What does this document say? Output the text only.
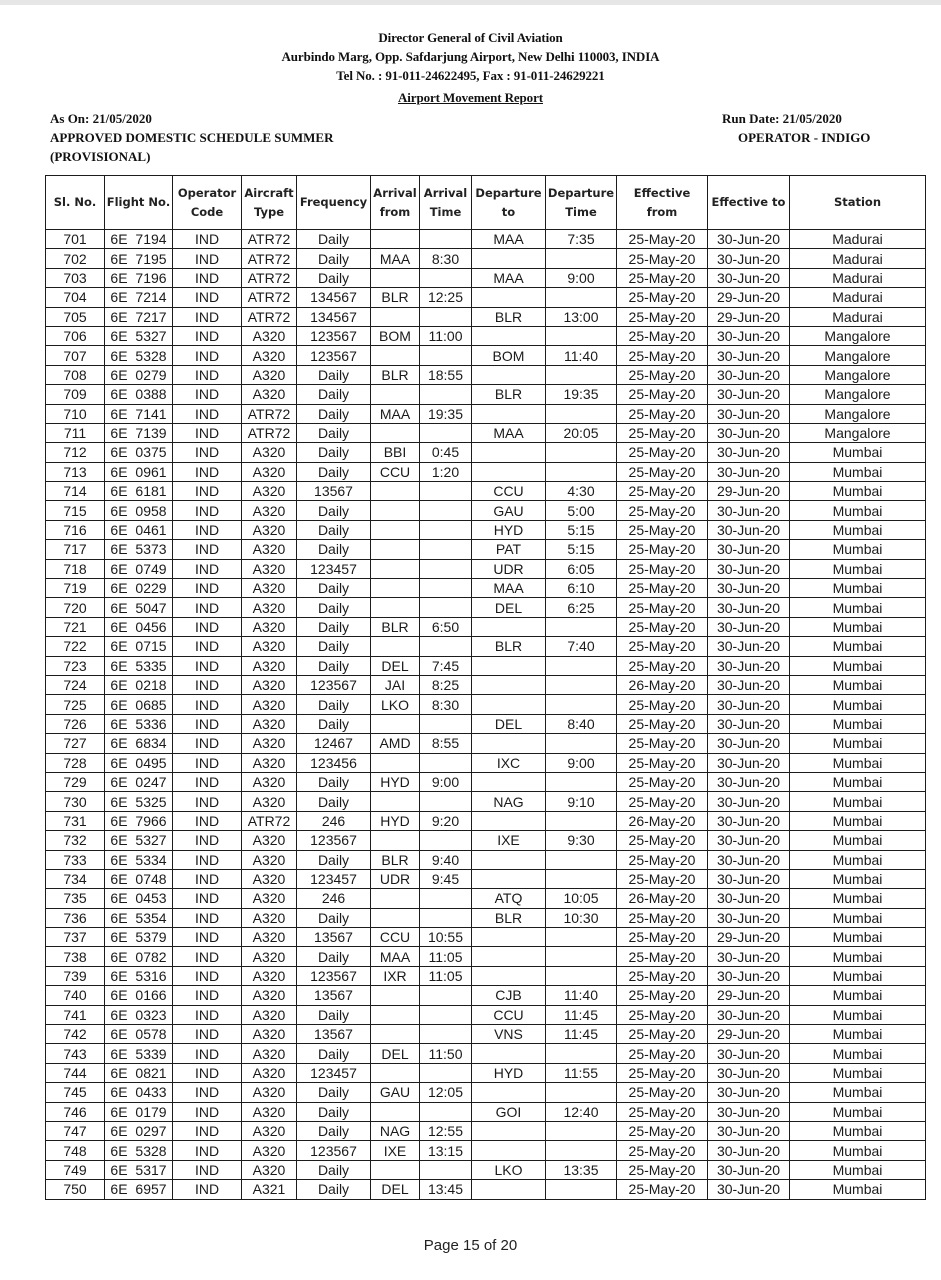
Director General of Civil Aviation
Aurbindo Marg, Opp. Safdarjung Airport, New Delhi 110003, INDIA
Tel No. : 91-011-24622495, Fax : 91-011-24629221
Airport Movement Report
As On: 21/05/2020
APPROVED DOMESTIC SCHEDULE SUMMER
(PROVISIONAL)
Run Date: 21/05/2020
OPERATOR - INDIGO
Sl. No.	Flight No.	Operator Code	Aircraft Type	Frequency	Arrival from	Arrival Time	Departure to	Departure Time	Effective from	Effective to	Station
701	6E 7194	IND	ATR72	Daily			MAA	7:35	25-May-20	30-Jun-20	Madurai
702	6E 7195	IND	ATR72	Daily	MAA	8:30			25-May-20	30-Jun-20	Madurai
703	6E 7196	IND	ATR72	Daily			MAA	9:00	25-May-20	30-Jun-20	Madurai
704	6E 7214	IND	ATR72	134567	BLR	12:25			25-May-20	29-Jun-20	Madurai
705	6E 7217	IND	ATR72	134567			BLR	13:00	25-May-20	29-Jun-20	Madurai
706	6E 5327	IND	A320	123567	BOM	11:00			25-May-20	30-Jun-20	Mangalore
707	6E 5328	IND	A320	123567			BOM	11:40	25-May-20	30-Jun-20	Mangalore
708	6E 0279	IND	A320	Daily	BLR	18:55			25-May-20	30-Jun-20	Mangalore
709	6E 0388	IND	A320	Daily			BLR	19:35	25-May-20	30-Jun-20	Mangalore
710	6E 7141	IND	ATR72	Daily	MAA	19:35			25-May-20	30-Jun-20	Mangalore
711	6E 7139	IND	ATR72	Daily			MAA	20:05	25-May-20	30-Jun-20	Mangalore
712	6E 0375	IND	A320	Daily	BBI	0:45			25-May-20	30-Jun-20	Mumbai
713	6E 0961	IND	A320	Daily	CCU	1:20			25-May-20	30-Jun-20	Mumbai
714	6E 6181	IND	A320	13567			CCU	4:30	25-May-20	29-Jun-20	Mumbai
715	6E 0958	IND	A320	Daily			GAU	5:00	25-May-20	30-Jun-20	Mumbai
716	6E 0461	IND	A320	Daily			HYD	5:15	25-May-20	30-Jun-20	Mumbai
717	6E 5373	IND	A320	Daily			PAT	5:15	25-May-20	30-Jun-20	Mumbai
718	6E 0749	IND	A320	123457			UDR	6:05	25-May-20	30-Jun-20	Mumbai
719	6E 0229	IND	A320	Daily			MAA	6:10	25-May-20	30-Jun-20	Mumbai
720	6E 5047	IND	A320	Daily			DEL	6:25	25-May-20	30-Jun-20	Mumbai
721	6E 0456	IND	A320	Daily	BLR	6:50			25-May-20	30-Jun-20	Mumbai
722	6E 0715	IND	A320	Daily			BLR	7:40	25-May-20	30-Jun-20	Mumbai
723	6E 5335	IND	A320	Daily	DEL	7:45			25-May-20	30-Jun-20	Mumbai
724	6E 0218	IND	A320	123567	JAI	8:25			26-May-20	30-Jun-20	Mumbai
725	6E 0685	IND	A320	Daily	LKO	8:30			25-May-20	30-Jun-20	Mumbai
726	6E 5336	IND	A320	Daily			DEL	8:40	25-May-20	30-Jun-20	Mumbai
727	6E 6834	IND	A320	12467	AMD	8:55			25-May-20	30-Jun-20	Mumbai
728	6E 0495	IND	A320	123456			IXC	9:00	25-May-20	30-Jun-20	Mumbai
729	6E 0247	IND	A320	Daily	HYD	9:00			25-May-20	30-Jun-20	Mumbai
730	6E 5325	IND	A320	Daily			NAG	9:10	25-May-20	30-Jun-20	Mumbai
731	6E 7966	IND	ATR72	246	HYD	9:20			26-May-20	30-Jun-20	Mumbai
732	6E 5327	IND	A320	123567			IXE	9:30	25-May-20	30-Jun-20	Mumbai
733	6E 5334	IND	A320	Daily	BLR	9:40			25-May-20	30-Jun-20	Mumbai
734	6E 0748	IND	A320	123457	UDR	9:45			25-May-20	30-Jun-20	Mumbai
735	6E 0453	IND	A320	246			ATQ	10:05	26-May-20	30-Jun-20	Mumbai
736	6E 5354	IND	A320	Daily			BLR	10:30	25-May-20	30-Jun-20	Mumbai
737	6E 5379	IND	A320	13567	CCU	10:55			25-May-20	29-Jun-20	Mumbai
738	6E 0782	IND	A320	Daily	MAA	11:05			25-May-20	30-Jun-20	Mumbai
739	6E 5316	IND	A320	123567	IXR	11:05			25-May-20	30-Jun-20	Mumbai
740	6E 0166	IND	A320	13567			CJB	11:40	25-May-20	29-Jun-20	Mumbai
741	6E 0323	IND	A320	Daily			CCU	11:45	25-May-20	30-Jun-20	Mumbai
742	6E 0578	IND	A320	13567			VNS	11:45	25-May-20	29-Jun-20	Mumbai
743	6E 5339	IND	A320	Daily	DEL	11:50			25-May-20	30-Jun-20	Mumbai
744	6E 0821	IND	A320	123457			HYD	11:55	25-May-20	30-Jun-20	Mumbai
745	6E 0433	IND	A320	Daily	GAU	12:05			25-May-20	30-Jun-20	Mumbai
746	6E 0179	IND	A320	Daily			GOI	12:40	25-May-20	30-Jun-20	Mumbai
747	6E 0297	IND	A320	Daily	NAG	12:55			25-May-20	30-Jun-20	Mumbai
748	6E 5328	IND	A320	123567	IXE	13:15			25-May-20	30-Jun-20	Mumbai
749	6E 5317	IND	A320	Daily			LKO	13:35	25-May-20	30-Jun-20	Mumbai
750	6E 6957	IND	A321	Daily	DEL	13:45			25-May-20	30-Jun-20	Mumbai
Page 15 of 20
